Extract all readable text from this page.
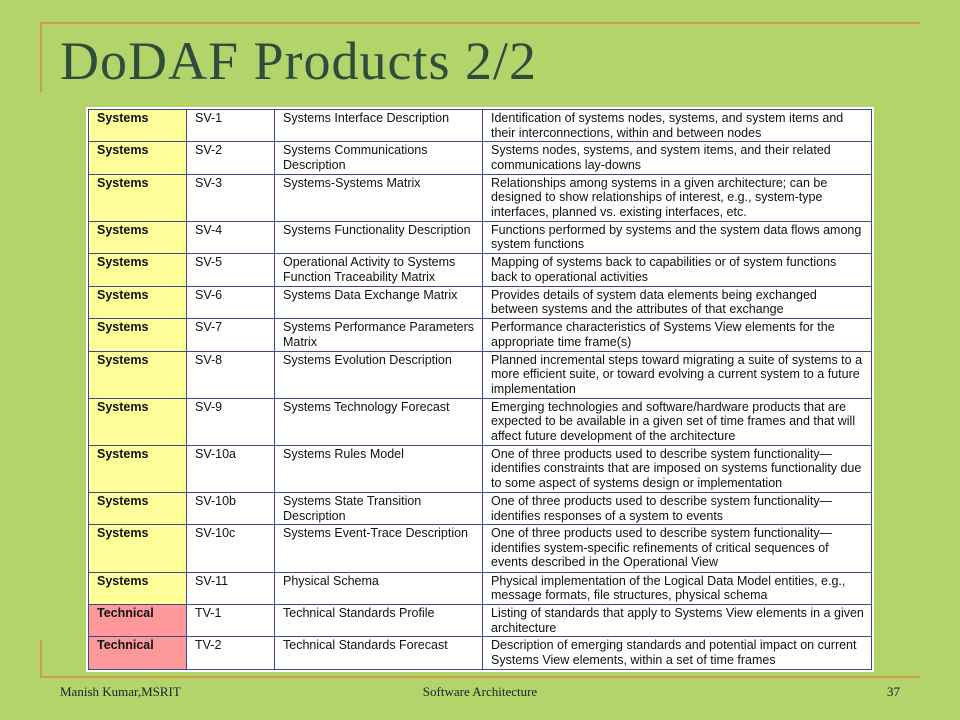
DoDAF Products 2/2
Systems	SV-1	Systems Interface Description	Identification of systems nodes, systems, and system items and their interconnections, within and between nodes
Systems	SV-2	Systems Communications Description	Systems nodes, systems, and system items, and their related communications lay-downs
Systems	SV-3	Systems-Systems Matrix	Relationships among systems in a given architecture; can be designed to show relationships of interest, e.g., system-type interfaces, planned vs. existing interfaces, etc.
Systems	SV-4	Systems Functionality Description	Functions performed by systems and the system data flows among system functions
Systems	SV-5	Operational Activity to Systems Function Traceability Matrix	Mapping of systems back to capabilities or of system functions back to operational activities
Systems	SV-6	Systems Data Exchange Matrix	Provides details of system data elements being exchanged between systems and the attributes of that exchange
Systems	SV-7	Systems Performance Parameters Matrix	Performance characteristics of Systems View elements for the appropriate time frame(s)
Systems	SV-8	Systems Evolution Description	Planned incremental steps toward migrating a suite of systems to a more efficient suite, or toward evolving a current system to a future implementation
Systems	SV-9	Systems Technology Forecast	Emerging technologies and software/hardware products that are expected to be available in a given set of time frames and that will affect future development of the architecture
Systems	SV-10a	Systems Rules Model	One of three products used to describe system functionality—identifies constraints that are imposed on systems functionality due to some aspect of systems design or implementation
Systems	SV-10b	Systems State Transition Description	One of three products used to describe system functionality—identifies responses of a system to events
Systems	SV-10c	Systems Event-Trace Description	One of three products used to describe system functionality—identifies system-specific refinements of critical sequences of events described in the Operational View
Systems	SV-11	Physical Schema	Physical implementation of the Logical Data Model entities, e.g., message formats, file structures, physical schema
Technical	TV-1	Technical Standards Profile	Listing of standards that apply to Systems View elements in a given architecture
Technical	TV-2	Technical Standards Forecast	Description of emerging standards and potential impact on current Systems View elements, within a set of time frames
Manish Kumar,MSRIT	Software Architecture	37
